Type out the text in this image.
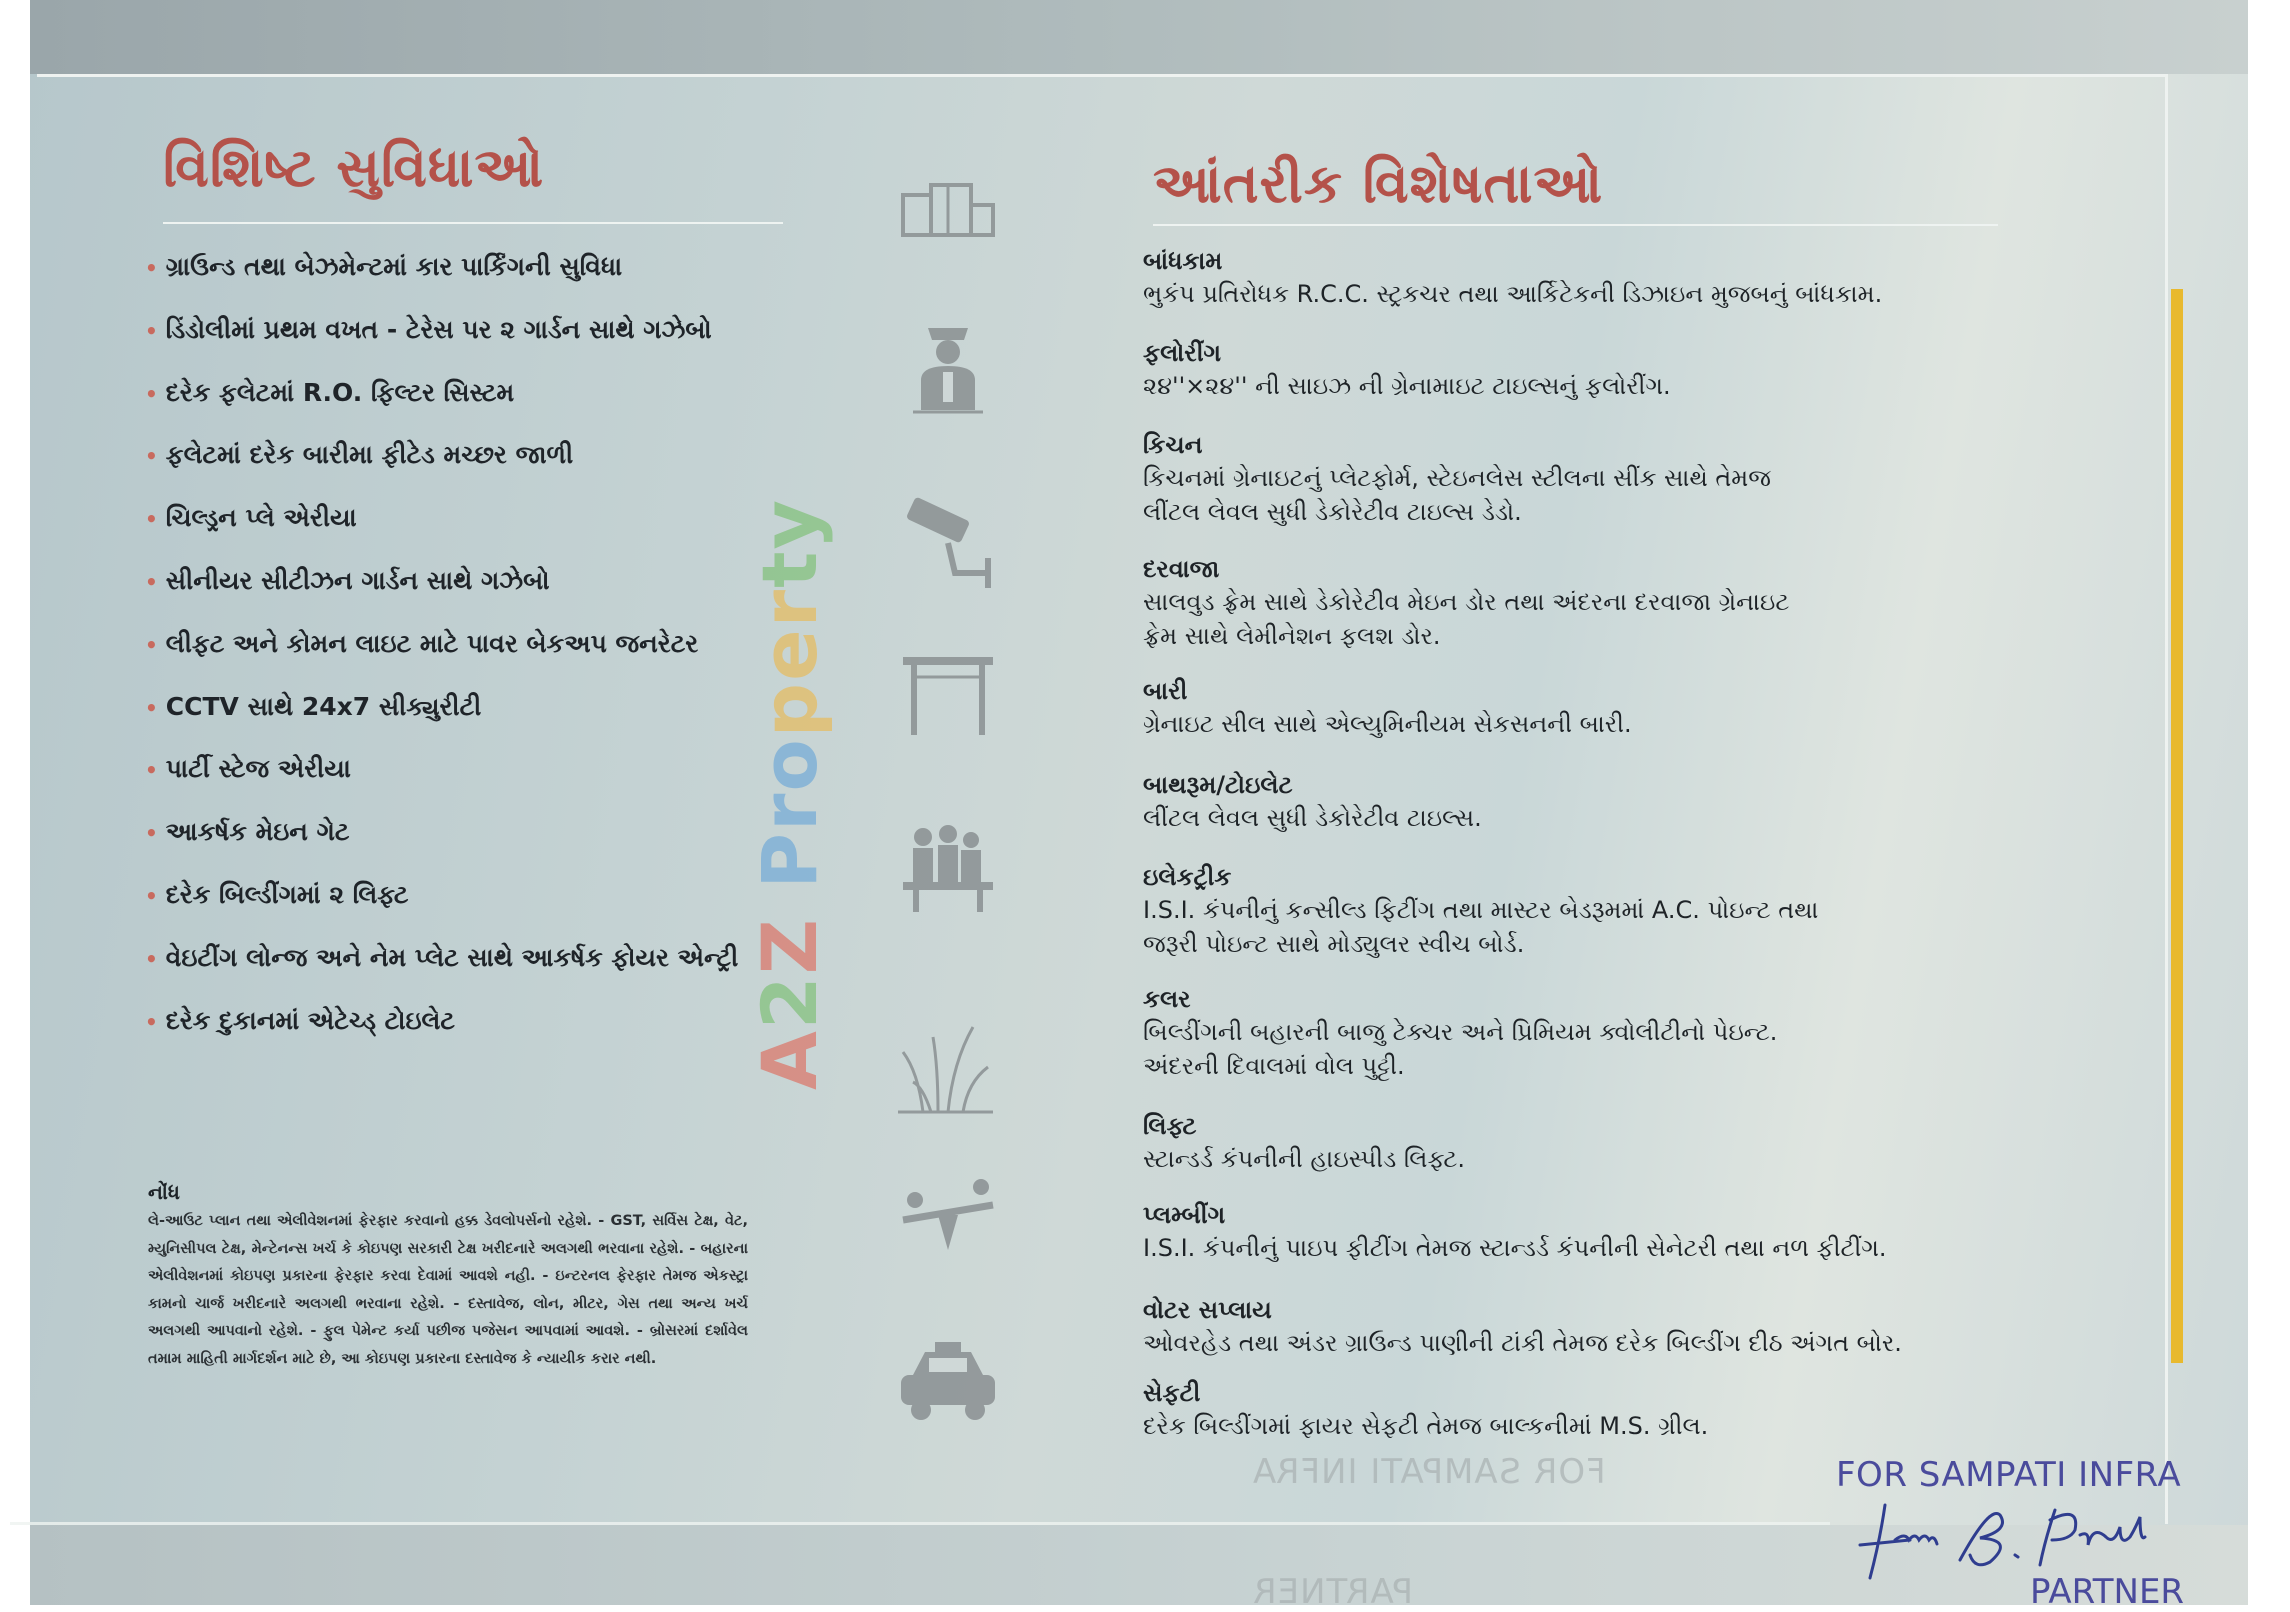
A2Z Property
વિશિષ્ટ સુવિધાઓ
• ગ્રાઉન્ડ તથા બેઝમેન્ટમાં કાર પાર્કિંગની સુવિધા
• ડિંડોલીમાં પ્રથમ વખત - ટેરેસ પર ૨ ગાર્ડન સાથે ગઝેબો
• દરેક ફલેટમાં R.O. ફિલ્ટર સિસ્ટમ
• ફલેટમાં દરેક બારીમા ફીટેડ મચ્છર જાળી
• ચિલ્ડ્રન પ્લે એરીયા
• સીનીયર સીટીઝન ગાર્ડન સાથે ગઝેબો
• લીફટ અને કોમન લાઇટ માટે પાવર બેકઅપ જનરેટર
• CCTV સાથે 24x7 સીક્યુરીટી
• પાર્ટી સ્ટેજ એરીયા
• આકર્ષક મેઇન ગેટ
• દરેક બિલ્ડીંગમાં ૨ લિફ્ટ
• વેઇટીંગ લોન્જ અને નેમ પ્લેટ સાથે આકર્ષક ફોયર એન્ટ્રી
• દરેક દુકાનમાં એટેચ્ડ્ ટોઇલેટ
નોંધ
લે-આઉટ પ્લાન તથા એલીવેશનમાં ફેરફાર કરવાનો હક્ક ડેવલોપર્સનો રહેશે. - GST, સર્વિસ ટેક્ષ, વેટ, મ્યુનિસીપલ ટેક્ષ, મેન્ટેનન્સ ખર્ચ કે કોઇપણ સરકારી ટેક્ષ ખરીદનારે અલગથી ભરવાના રહેશે. - બહારના એલીવેશનમાં કોઇપણ પ્રકારના ફેરફાર કરવા દેવામાં આવશે નહી. - ઇન્ટરનલ ફેરફાર તેમજ એકસ્ટ્રા કામનો ચાર્જ ખરીદનારે અલગથી ભરવાના રહેશે. - દસ્તાવેજ, લોન, મીટર, ગેસ તથા અન્ય ખર્ચ અલગથી આપવાનો રહેશે. - ફુલ પેમેન્ટ કર્યા પછીજ પજેસન આપવામાં આવશે. - બ્રોસરમાં દર્શાવેલ તમામ માહિતી માર્ગદર્શન માટે છે, આ કોઇપણ પ્રકારના દસ્તાવેજ કે ન્યાયીક કરાર નથી.
આંતરીક વિશેષતાઓ
બાંધકામ
ભુકંપ પ્રતિરોધક R.C.C. સ્ટ્રકચર તથા આર્કિટેકની ડિઝાઇન મુજબનું બાંધકામ.
ફલોરીંગ
૨૪''×૨૪'' ની સાઇઝ ની ગ્રેનામાઇટ ટાઇલ્સનું ફલોરીંગ.
કિચન
કિચનમાં ગ્રેનાઇટનું પ્લેટફોર્મ, સ્ટેઇનલેસ સ્ટીલના સીંક સાથે તેમજ
લીંટલ લેવલ સુધી ડેકોરેટીવ ટાઇલ્સ ડેડો.
દરવાજા
સાલવુડ ફ્રેમ સાથે ડેકોરેટીવ મેઇન ડોર તથા અંદરના દરવાજા ગ્રેનાઇટ
ફ્રેમ સાથે લેમીનેશન ફલશ ડોર.
બારી
ગ્રેનાઇટ સીલ સાથે એલ્યુમિનીયમ સેકસનની બારી.
બાથરૂમ/ટોઇલેટ
લીંટલ લેવલ સુધી ડેકોરેટીવ ટાઇલ્સ.
ઇલેકટ્રીક
I.S.I. કંપનીનું કન્સીલ્ડ ફિટીંગ તથા માસ્ટર બેડરૂમમાં A.C. પોઇન્ટ તથા
જરૂરી પોઇન્ટ સાથે મોડ્યુલર સ્વીચ બોર્ડ.
કલર
બિલ્ડીંગની બહારની બાજુ ટેક્ચર અને પ્રિમિયમ ક્વોલીટીનો પેઇન્ટ.
અંદરની દિવાલમાં વોલ પુટ્ટી.
લિફ્ટ
સ્ટાન્ડર્ડ કંપનીની હાઇસ્પીડ લિફ્ટ.
પ્લમ્બીંગ
I.S.I. કંપનીનું પાઇપ ફીટીંગ તેમજ સ્ટાન્ડર્ડ કંપનીની સેનેટરી તથા નળ ફીટીંગ.
વોટર સપ્લાય
ઓવરહેડ તથા અંડર ગ્રાઉન્ડ પાણીની ટાંકી તેમજ દરેક બિલ્ડીંગ દીઠ અંગત બોર.
સેફટી
દરેક બિલ્ડીંગમાં ફાયર સેફટી તેમજ બાલ્કનીમાં M.S. ગ્રીલ.
FOR SAMPATI INFRA
PARTNER
FOR SAMPATI INFRA
PARTNER
